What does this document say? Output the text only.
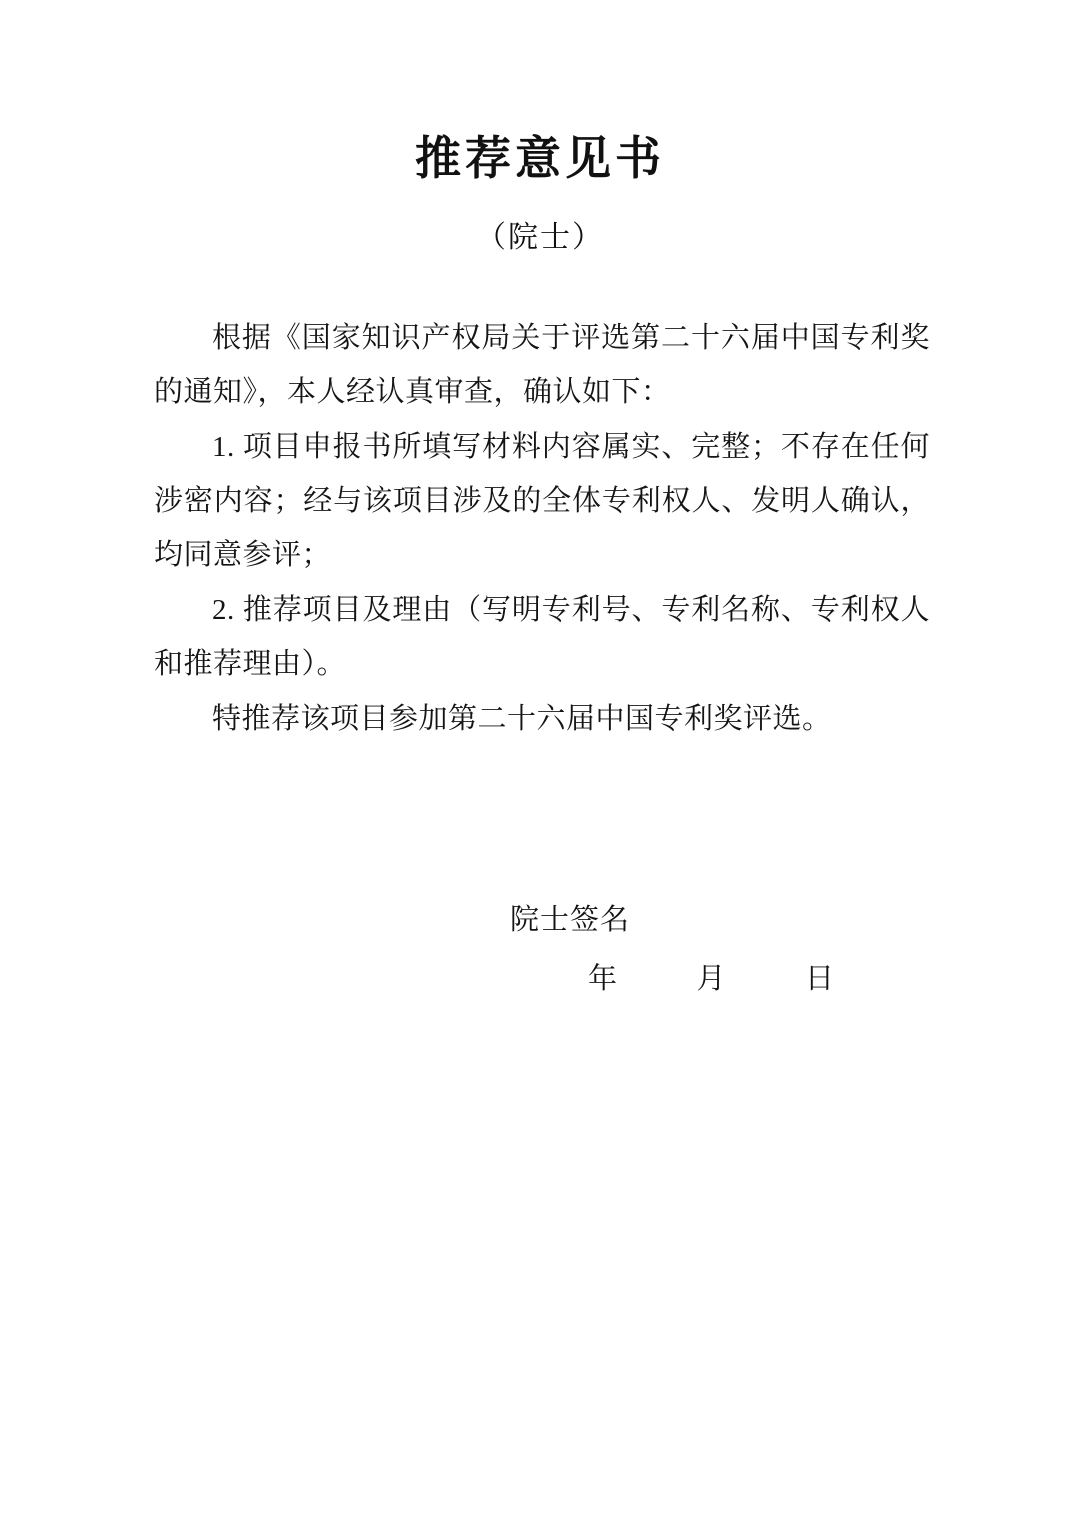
推荐意见书
（院士）

根据《国家知识产权局关于评选第二十六届中国专利奖的通知》，本人经认真审查，确认如下：

1. 项目申报书所填写材料内容属实、完整；不存在任何涉密内容；经与该项目涉及的全体专利权人、发明人确认，均同意参评；

2. 推荐项目及理由（写明专利号、专利名称、专利权人和推荐理由）。

特推荐该项目参加第二十六届中国专利奖评选。

院士签名
年	月	日
